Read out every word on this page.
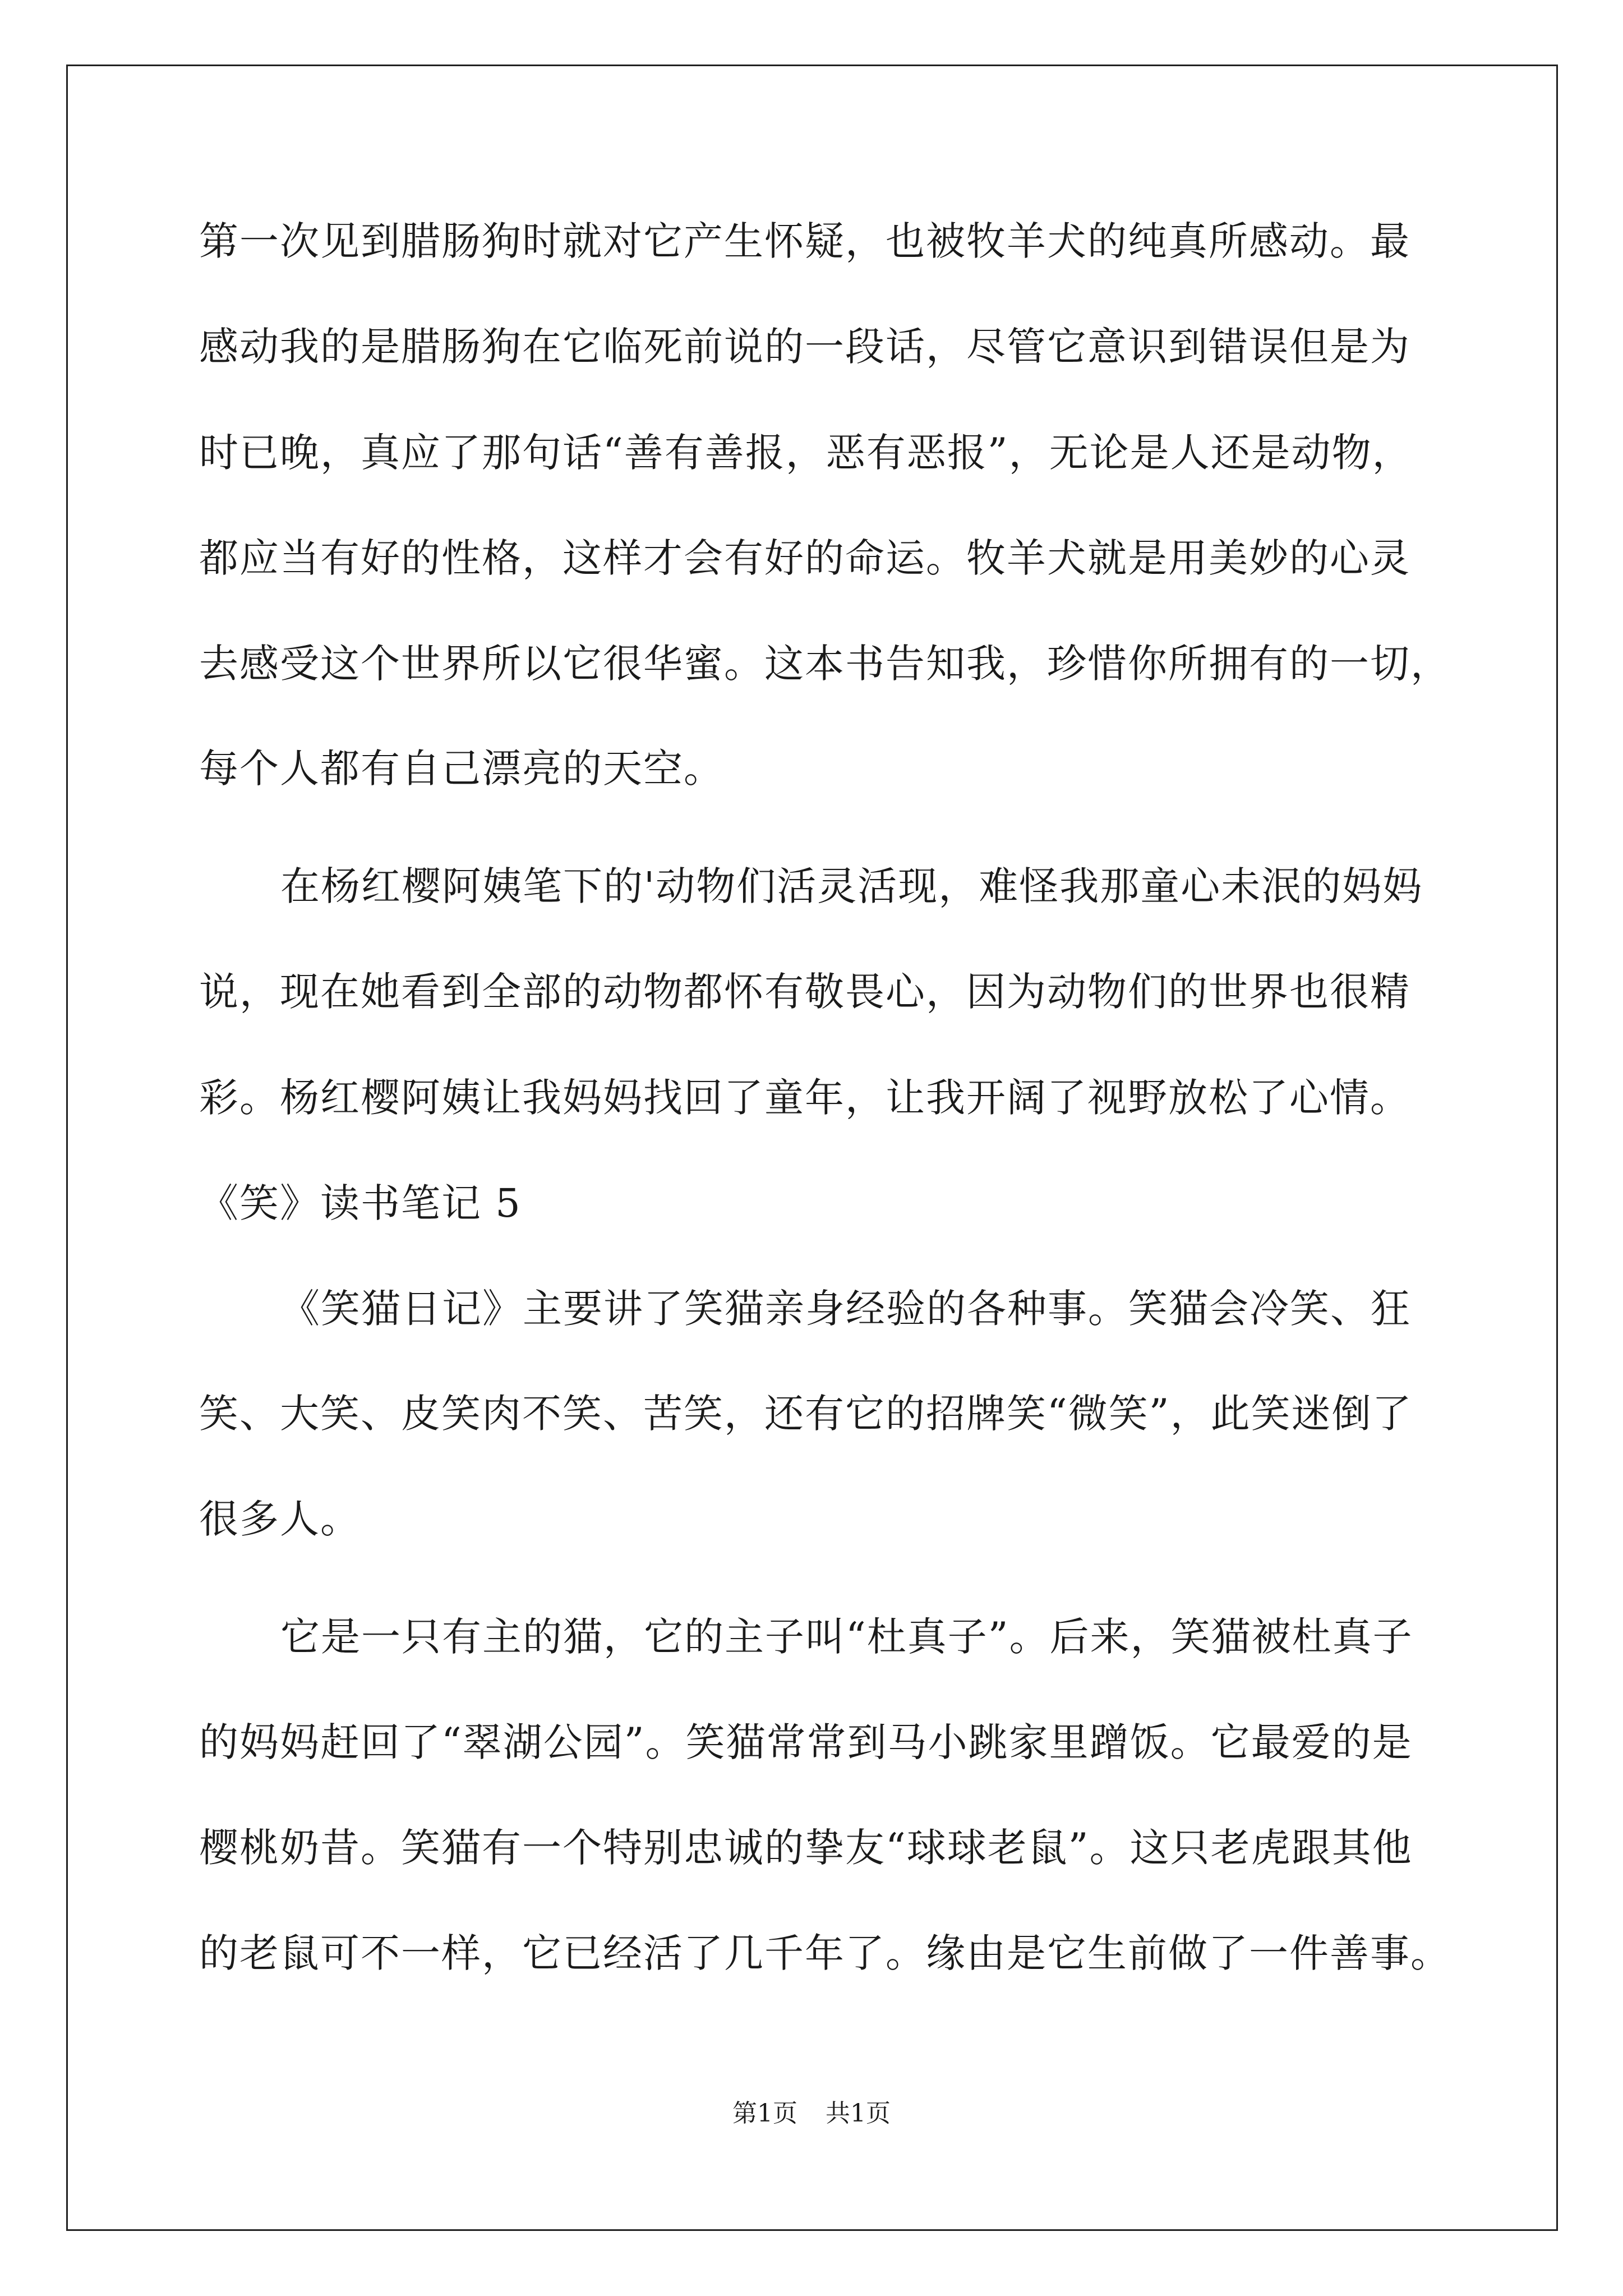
第一次见到腊肠狗时就对它产生怀疑，也被牧羊犬的纯真所感动。最
感动我的是腊肠狗在它临死前说的一段话，尽管它意识到错误但是为
时已晚，真应了那句话“善有善报，恶有恶报”，无论是人还是动物，
都应当有好的性格，这样才会有好的命运。牧羊犬就是用美妙的心灵
去感受这个世界所以它很华蜜。这本书告知我，珍惜你所拥有的一切，
每个人都有自己漂亮的天空。
在杨红樱阿姨笔下的'动物们活灵活现，难怪我那童心未泯的妈妈
说，现在她看到全部的动物都怀有敬畏心，因为动物们的世界也很精
彩。杨红樱阿姨让我妈妈找回了童年，让我开阔了视野放松了心情。
《笑》读书笔记 5
《笑猫日记》主要讲了笑猫亲身经验的各种事。笑猫会冷笑、狂
笑、大笑、皮笑肉不笑、苦笑，还有它的招牌笑“微笑”，此笑迷倒了
很多人。
它是一只有主的猫，它的主子叫“杜真子”。后来，笑猫被杜真子
的妈妈赶回了“翠湖公园”。笑猫常常到马小跳家里蹭饭。它最爱的是
樱桃奶昔。笑猫有一个特别忠诚的挚友“球球老鼠”。这只老虎跟其他
的老鼠可不一样，它已经活了几千年了。缘由是它生前做了一件善事。
第1页 共1页
